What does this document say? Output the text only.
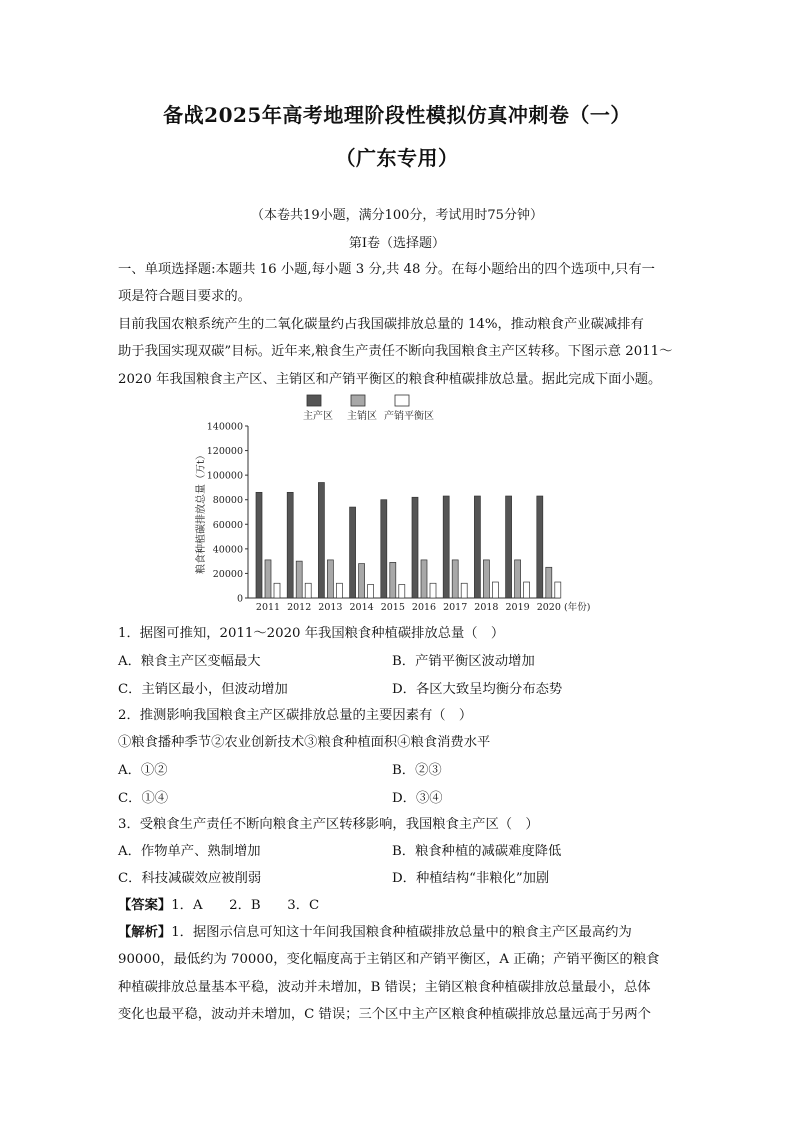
备战2025年高考地理阶段性模拟仿真冲刺卷（一）
（广东专用）
（本卷共19小题，满分100分，考试用时75分钟）
第Ⅰ卷（选择题）
一、单项选择题:本题共 16 小题,每小题 3 分,共 48 分。在每小题给出的四个选项中,只有一
项是符合题目要求的。
目前我国农粮系统产生的二氧化碳量约占我国碳排放总量的 14%，推动粮食产业碳减排有
助于我国实现双碳”目标。近年来,粮食生产责任不断向我国粮食主产区转移。下图示意 2011～
2020 年我国粮食主产区、主销区和产销平衡区的粮食种植碳排放总量。据此完成下面小题。
0
20000
40000
60000
80000
100000
120000
140000
粮食种植碳排放总量（万t）
2011 2012 2013 2014 2015 2016 2017 2018 2019 2020 (年份)
主产区 主销区 产销平衡区
1．据图可推知，2011～2020 年我国粮食种植碳排放总量（　）
A．粮食主产区变幅最大	B．产销平衡区波动增加
C．主销区最小，但波动增加	D．各区大致呈均衡分布态势
2．推测影响我国粮食主产区碳排放总量的主要因素有（　）
①粮食播种季节②农业创新技术③粮食种植面积④粮食消费水平
A．①②	B．②③
C．①④	D．③④
3．受粮食生产责任不断向粮食主产区转移影响，我国粮食主产区（　）
A．作物单产、熟制增加	B．粮食种植的减碳难度降低
C．科技减碳效应被削弱	D．种植结构“非粮化”加剧
【答案】1．A　　2．B　　3．C
【解析】1．据图示信息可知这十年间我国粮食种植碳排放总量中的粮食主产区最高约为
90000，最低约为 70000，变化幅度高于主销区和产销平衡区，A 正确；产销平衡区的粮食
种植碳排放总量基本平稳，波动并未增加，B 错误；主销区粮食种植碳排放总量最小，总体
变化也最平稳，波动并未增加，C 错误；三个区中主产区粮食种植碳排放总量远高于另两个
